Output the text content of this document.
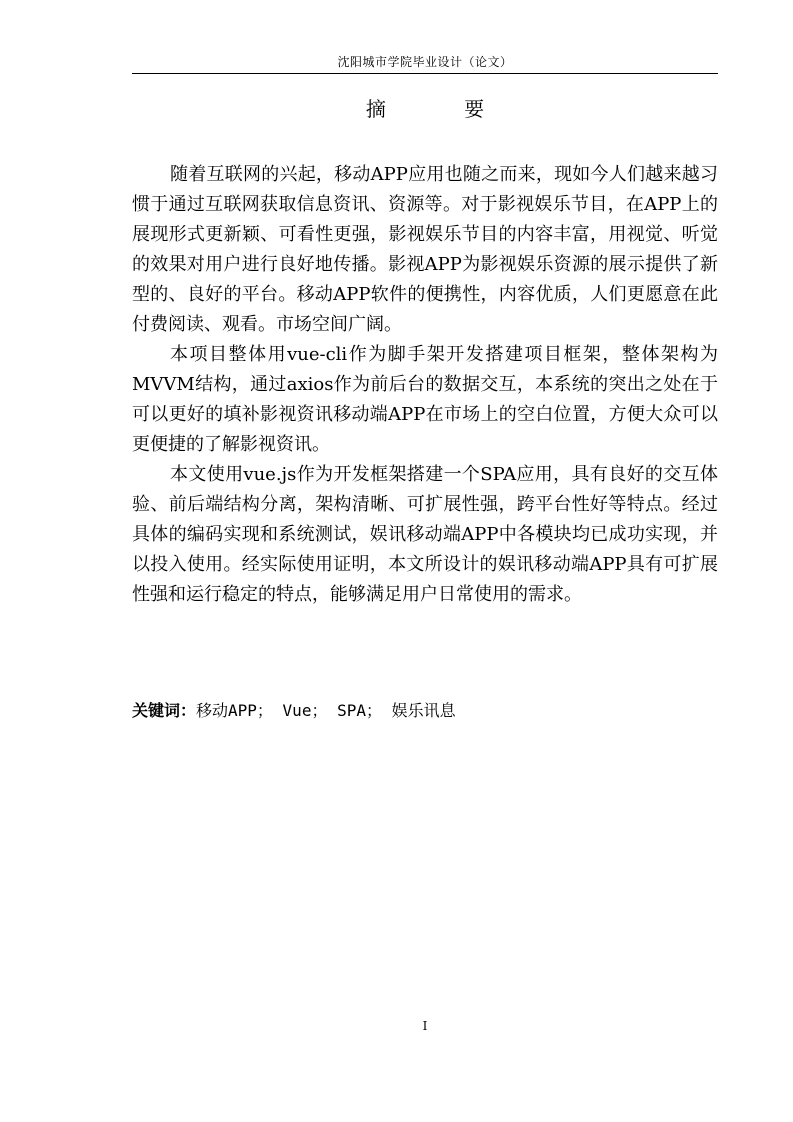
沈阳城市学院毕业设计（论文）
摘 要

随着互联网的兴起，移动APP应用也随之而来，现如今人们越来越习惯于通过互联网获取信息资讯、资源等。对于影视娱乐节目，在APP上的展现形式更新颖、可看性更强，影视娱乐节目的内容丰富，用视觉、听觉的效果对用户进行良好地传播。影视APP为影视娱乐资源的展示提供了新型的、良好的平台。移动APP软件的便携性，内容优质，人们更愿意在此付费阅读、观看。市场空间广阔。

本项目整体用vue-cli作为脚手架开发搭建项目框架，整体架构为MVVM结构，通过axios作为前后台的数据交互，本系统的突出之处在于可以更好的填补影视资讯移动端APP在市场上的空白位置，方便大众可以更便捷的了解影视资讯。

本文使用vue.js作为开发框架搭建一个SPA应用，具有良好的交互体验、前后端结构分离，架构清晰、可扩展性强，跨平台性好等特点。经过具体的编码实现和系统测试，娱讯移动端APP中各模块均已成功实现，并以投入使用。经实际使用证明，本文所设计的娱讯移动端APP具有可扩展性强和运行稳定的特点，能够满足用户日常使用的需求。

关键词：移动APP； Vue； SPA； 娱乐讯息
I
